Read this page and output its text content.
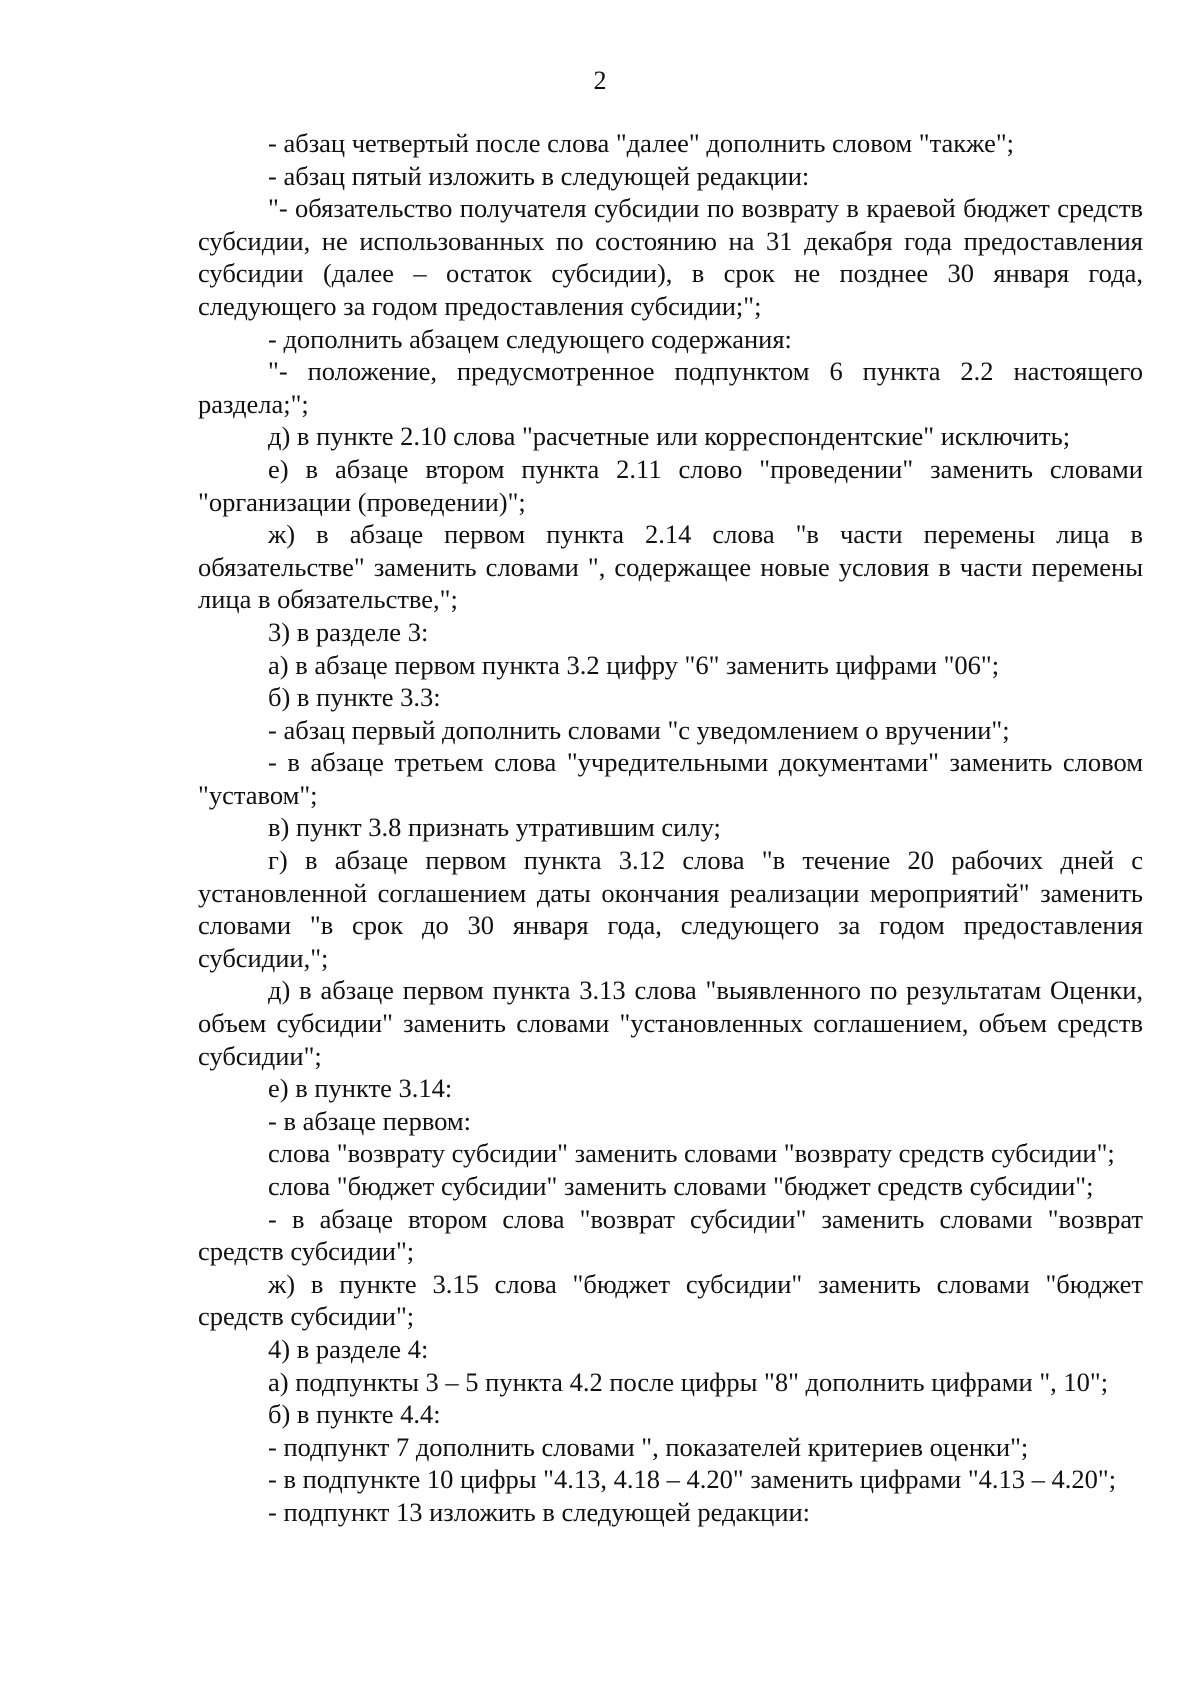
2

- абзац четвертый после слова "далее" дополнить словом "также";

- абзац пятый изложить в следующей редакции:

"- обязательство получателя субсидии по возврату в краевой бюджет средств субсидии, не использованных по состоянию на 31 декабря года предоставления субсидии (далее – остаток субсидии), в срок не позднее 30 января года, следующего за годом предоставления субсидии;";

- дополнить абзацем следующего содержания:

"- положение, предусмотренное подпунктом 6 пункта 2.2 настоящего раздела;";

д) в пункте 2.10 слова "расчетные или корреспондентские" исключить;

е) в абзаце втором пункта 2.11 слово "проведении" заменить словами "организации (проведении)";

ж) в абзаце первом пункта 2.14 слова "в части перемены лица в обязательстве" заменить словами ", содержащее новые условия в части перемены лица в обязательстве,";

3) в разделе 3:

а) в абзаце первом пункта 3.2 цифру "6" заменить цифрами "06";

б) в пункте 3.3:

- абзац первый дополнить словами "с уведомлением о вручении";

- в абзаце третьем слова "учредительными документами" заменить словом "уставом";

в) пункт 3.8 признать утратившим силу;

г) в абзаце первом пункта 3.12 слова "в течение 20 рабочих дней с установленной соглашением даты окончания реализации мероприятий" заменить словами "в срок до 30 января года, следующего за годом предоставления субсидии,";

д) в абзаце первом пункта 3.13 слова "выявленного по результатам Оценки, объем субсидии" заменить словами "установленных соглашением, объем средств субсидии";

е) в пункте 3.14:

- в абзаце первом:

слова "возврату субсидии" заменить словами "возврату средств субсидии";

слова "бюджет субсидии" заменить словами "бюджет средств субсидии";

- в абзаце втором слова "возврат субсидии" заменить словами "возврат средств субсидии";

ж) в пункте 3.15 слова "бюджет субсидии" заменить словами "бюджет средств субсидии";

4) в разделе 4:

а) подпункты 3 – 5 пункта 4.2 после цифры "8" дополнить цифрами ", 10";

б) в пункте 4.4:

- подпункт 7 дополнить словами ", показателей критериев оценки";

- в подпункте 10 цифры "4.13, 4.18 – 4.20" заменить цифрами "4.13 – 4.20";

- подпункт 13 изложить в следующей редакции:
